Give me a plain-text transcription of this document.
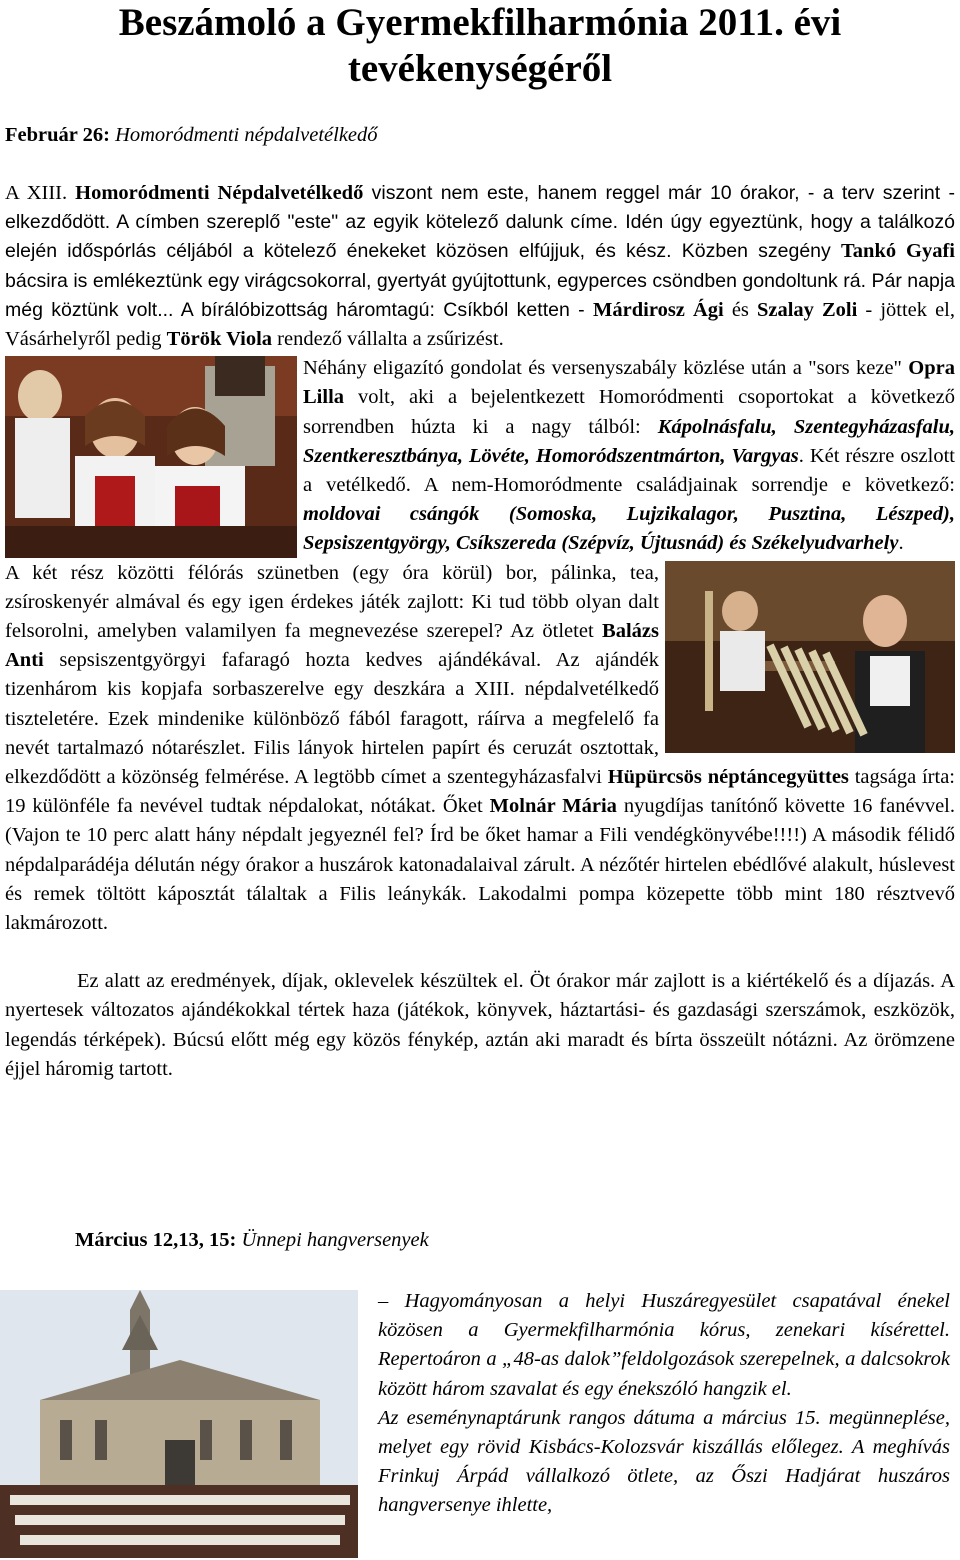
Beszámoló a Gyermekfilharmónia 2011. évi tevékenységéről
Február 26: Homoródmenti népdalvetélkedő

A XIII. Homoródmenti Népdalvetélkedő viszont nem este, hanem reggel már 10 órakor, - a terv szerint - elkezdődött. A címben szereplő "este" az egyik kötelező dalunk címe. Idén úgy egyeztünk, hogy a találkozó elején időspórlás céljából a kötelező énekeket közösen elfújjuk, és kész. Közben szegény Tankó Gyafi bácsira is emlékeztünk egy virágcsokorral, gyertyát gyújtottunk, egyperces csöndben gondoltunk rá. Pár napja még köztünk volt... A bírálóbizottság háromtagú: Csíkból ketten - Márdirosz Ági és Szalay Zoli - jöttek el, Vásárhelyről pedig Török Viola rendező vállalta a zsűrizést.

Néhány eligazító gondolat és versenyszabály közlése után a "sors keze" Opra Lilla volt, aki a bejelentkezett Homoródmenti csoportokat a következő sorrendben húzta ki a nagy tálból: Kápolnásfalu, Szentegyházasfalu, Szentkeresztbánya, Lövéte, Homoródszentmárton, Vargyas. Két részre oszlott a vetélkedő. A nem-Homoródmente családjainak sorrendje e következő: moldovai csángók (Somoska, Lujzikalagor, Pusztina, Lészped), Sepsiszentgyörgy, Csíkszereda (Szépvíz, Újtusnád) és Székelyudvarhely.

A két rész közötti félórás szünetben (egy óra körül) bor, pálinka, tea, zsíroskenyér almával és egy igen érdekes játék zajlott: Ki tud több olyan dalt felsorolni, amelyben valamilyen fa megnevezése szerepel? Az ötletet Balázs Anti sepsiszentgyörgyi fafaragó hozta kedves ajándékával. Az ajándék tizenhárom kis kopjafa sorbaszerelve egy deszkára a XIII. népdalvetélkedő tiszteletére. Ezek mindenike különböző fából faragott, ráírva a megfelelő fa nevét tartalmazó nótarészlet. Filis lányok hirtelen papírt és ceruzát osztottak, elkezdődött a közönség felmérése. A legtöbb címet a szentegyházasfalvi Hüpürcsös néptáncegyüttes tagsága írta: 19 különféle fa nevével tudtak népdalokat, nótákat. Őket Molnár Mária nyugdíjas tanítónő követte 16 fanévvel. (Vajon te 10 perc alatt hány népdalt jegyeznél fel? Írd be őket hamar a Fili vendégkönyvébe!!!!) A második félidő népdalparádéja délután négy órakor a huszárok katonadalaival zárult. A nézőtér hirtelen ebédlővé alakult, húslevest és remek töltött káposztát tálaltak a Filis leánykák. Lakodalmi pompa közepette több mint 180 résztvevő lakmározott.

Ez alatt az eredmények, díjak, oklevelek készültek el. Öt órakor már zajlott is a kiértékelő és a díjazás. A nyertesek változatos ajándékokkal tértek haza (játékok, könyvek, háztartási- és gazdasági szerszámok, eszközök, legendás térképek). Búcsú előtt még egy közös fénykép, aztán aki maradt és bírta összeült nótázni. Az örömzene éjjel háromig tartott.

Március 12,13, 15: Ünnepi hangversenyek
– Hagyományosan a helyi Huszáregyesület csapatával énekel közösen a Gyermekfilharmónia kórus, zenekari kísérettel. Repertoáron a „48-as dalok”feldolgozások szerepelnek, a dalcsokrok között három szavalat és egy énekszóló hangzik el.
Az eseménynaptárunk rangos dátuma a március 15. megünneplése, melyet egy rövid Kisbács-Kolozsvár kiszállás előlegez. A meghívás Frinkuj Árpád vállalkozó ötlete, az Őszi Hadjárat huszáros hangversenye ihlette,
